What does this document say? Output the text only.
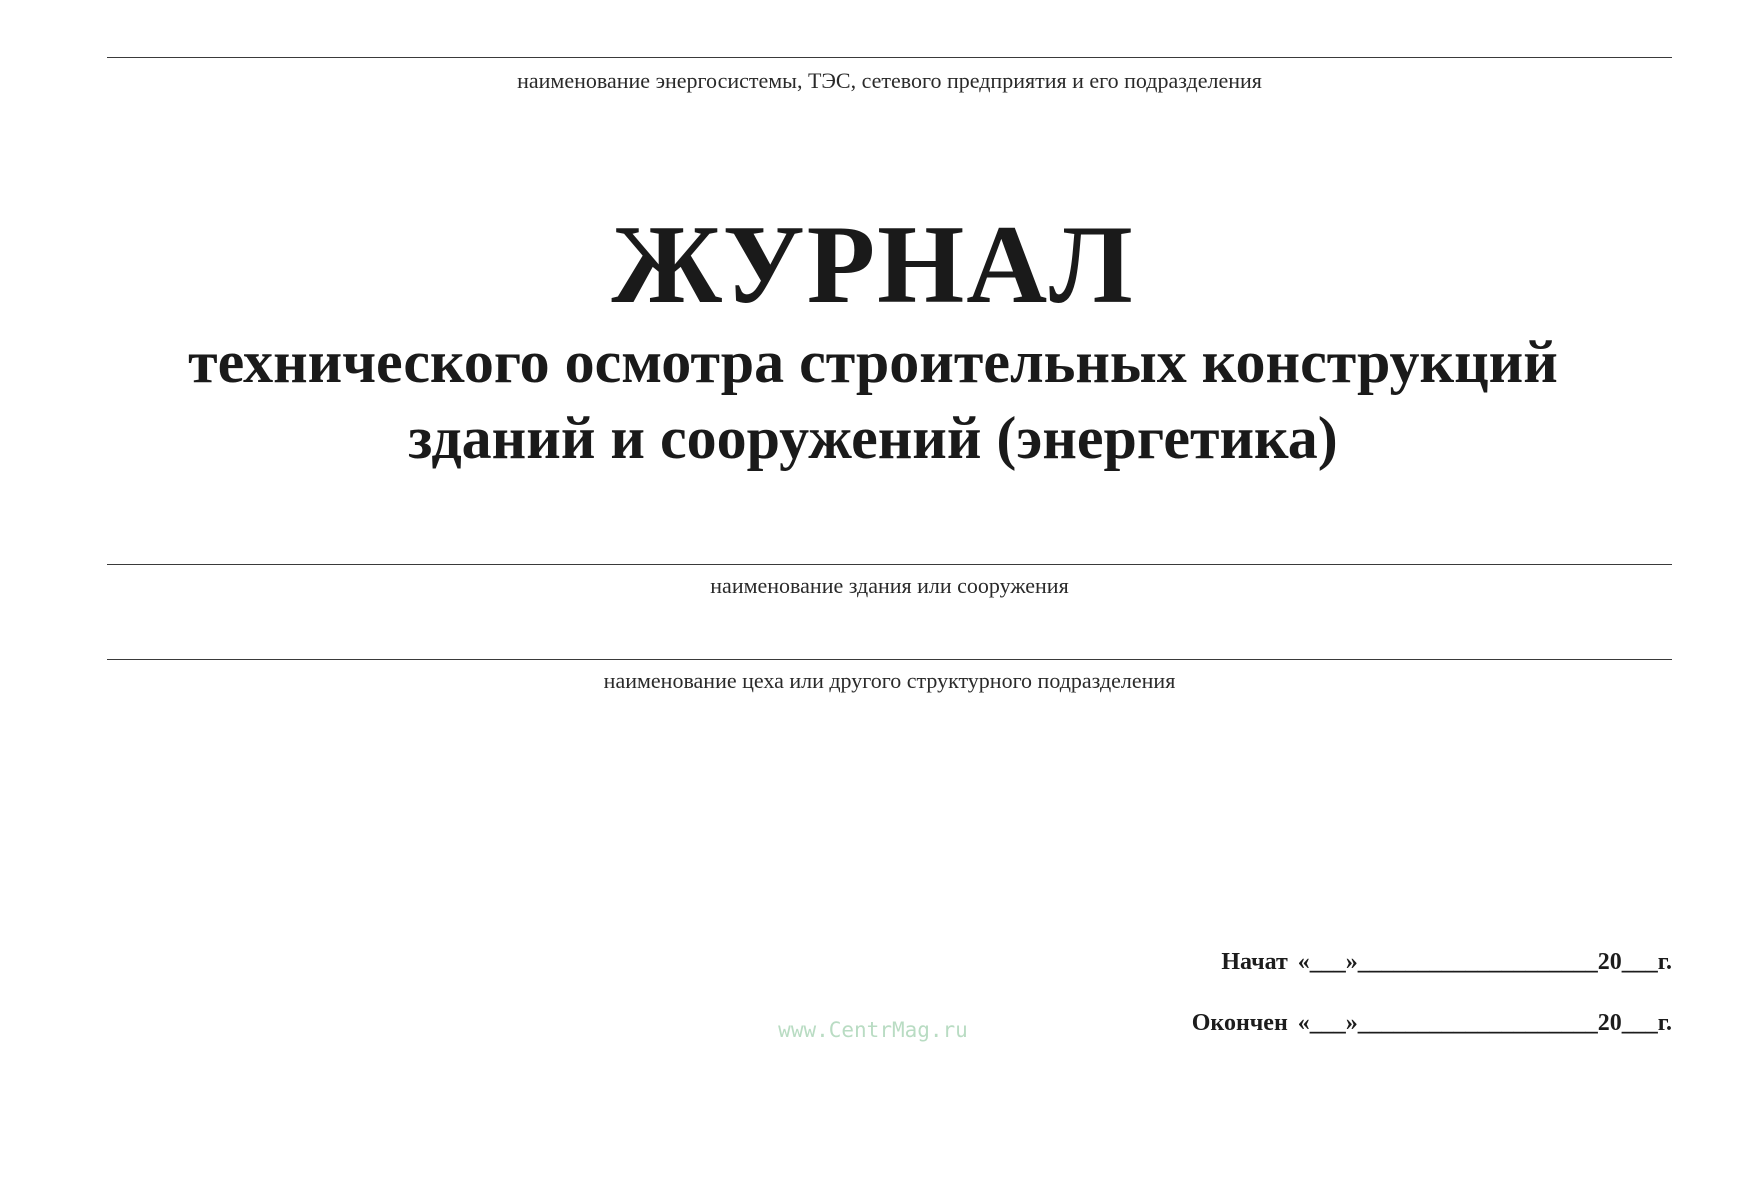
наименование энергосистемы, ТЭС, сетевого предприятия и его подразделения
ЖУРНАЛ
технического осмотра строительных конструкций
зданий и сооружений (энергетика)
наименование здания или сооружения
наименование цеха или другого структурного подразделения
Начат «___»____________________20___г.
Окончен «___»____________________20___г.
www.CentrMag.ru
